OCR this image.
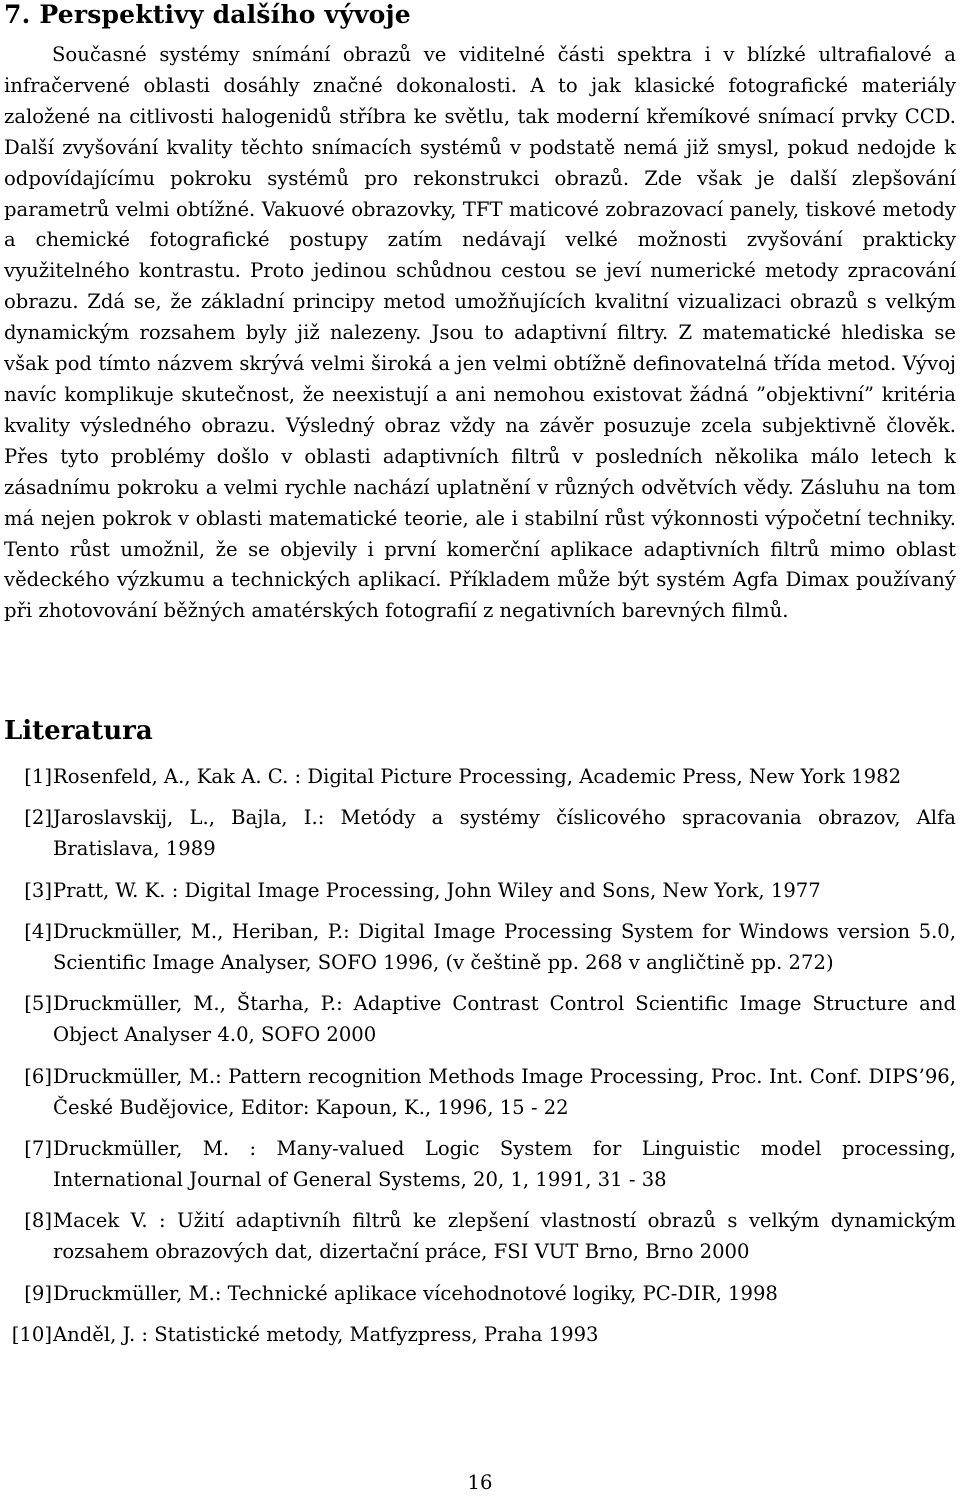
7. Perspektivy dalšího vývoje

Současné systémy snímání obrazů ve viditelné části spektra i v blízké ultrafialové a infračervené oblasti dosáhly značné dokonalosti. A to jak klasické fotografické materiály založené na citlivosti halogenidů stříbra ke světlu, tak moderní křemíkové snímací prvky CCD. Další zvyšování kvality těchto snímacích systémů v podstatě nemá již smysl, pokud nedojde k odpovídajícímu pokroku systémů pro rekonstrukci obrazů. Zde však je další zlepšování parametrů velmi obtížné. Vakuové obrazovky, TFT maticové zobrazovací panely, tiskové metody a chemické fotografické postupy zatím nedávají velké možnosti zvyšování prakticky využitelného kontrastu. Proto jedinou schůdnou cestou se jeví numerické metody zpracování obrazu. Zdá se, že základní principy metod umožňujících kvalitní vizualizaci obrazů s velkým dynamickým rozsahem byly již nalezeny. Jsou to adaptivní filtry. Z matematické hlediska se však pod tímto názvem skrývá velmi široká a jen velmi obtížně definovatelná třída metod. Vývoj navíc komplikuje skutečnost, že neexistují a ani nemohou existovat žádná ”objektivní” kritéria kvality výsledného obrazu. Výsledný obraz vždy na závěr posuzuje zcela subjektivně člověk. Přes tyto problémy došlo v oblasti adaptivních filtrů v posledních několika málo letech k zásadnímu pokroku a velmi rychle nachází uplatnění v různých odvětvích vědy. Zásluhu na tom má nejen pokrok v oblasti matematické teorie, ale i stabilní růst výkonnosti výpočetní techniky. Tento růst umožnil, že se objevily i první komerční aplikace adaptivních filtrů mimo oblast vědeckého výzkumu a technických aplikací. Příkladem může být systém Agfa Dimax používaný při zhotovování běžných amatérských fotografií z negativních barevných filmů.

Literatura
[1] Rosenfeld, A., Kak A. C. : Digital Picture Processing, Academic Press, New York 1982
[2] Jaroslavskij, L., Bajla, I.: Metódy a systémy číslicového spracovania obrazov, Alfa Bratislava, 1989
[3] Pratt, W. K. : Digital Image Processing, John Wiley and Sons, New York, 1977
[4] Druckmüller, M., Heriban, P.: Digital Image Processing System for Windows version 5.0, Scientific Image Analyser, SOFO 1996, (v češtině pp. 268 v angličtině pp. 272)
[5] Druckmüller, M., Štarha, P.: Adaptive Contrast Control Scientific Image Structure and Object Analyser 4.0, SOFO 2000
[6] Druckmüller, M.: Pattern recognition Methods Image Processing, Proc. Int. Conf. DIPS’96, České Budějovice, Editor: Kapoun, K., 1996, 15 - 22
[7] Druckmüller, M. : Many-valued Logic System for Linguistic model processing, International Journal of General Systems, 20, 1, 1991, 31 - 38
[8] Macek V. : Užití adaptivníh filtrů ke zlepšení vlastností obrazů s velkým dynamickým rozsahem obrazových dat, dizertační práce, FSI VUT Brno, Brno 2000
[9] Druckmüller, M.: Technické aplikace vícehodnotové logiky, PC-DIR, 1998
[10] Anděl, J. : Statistické metody, Matfyzpress, Praha 1993
16
